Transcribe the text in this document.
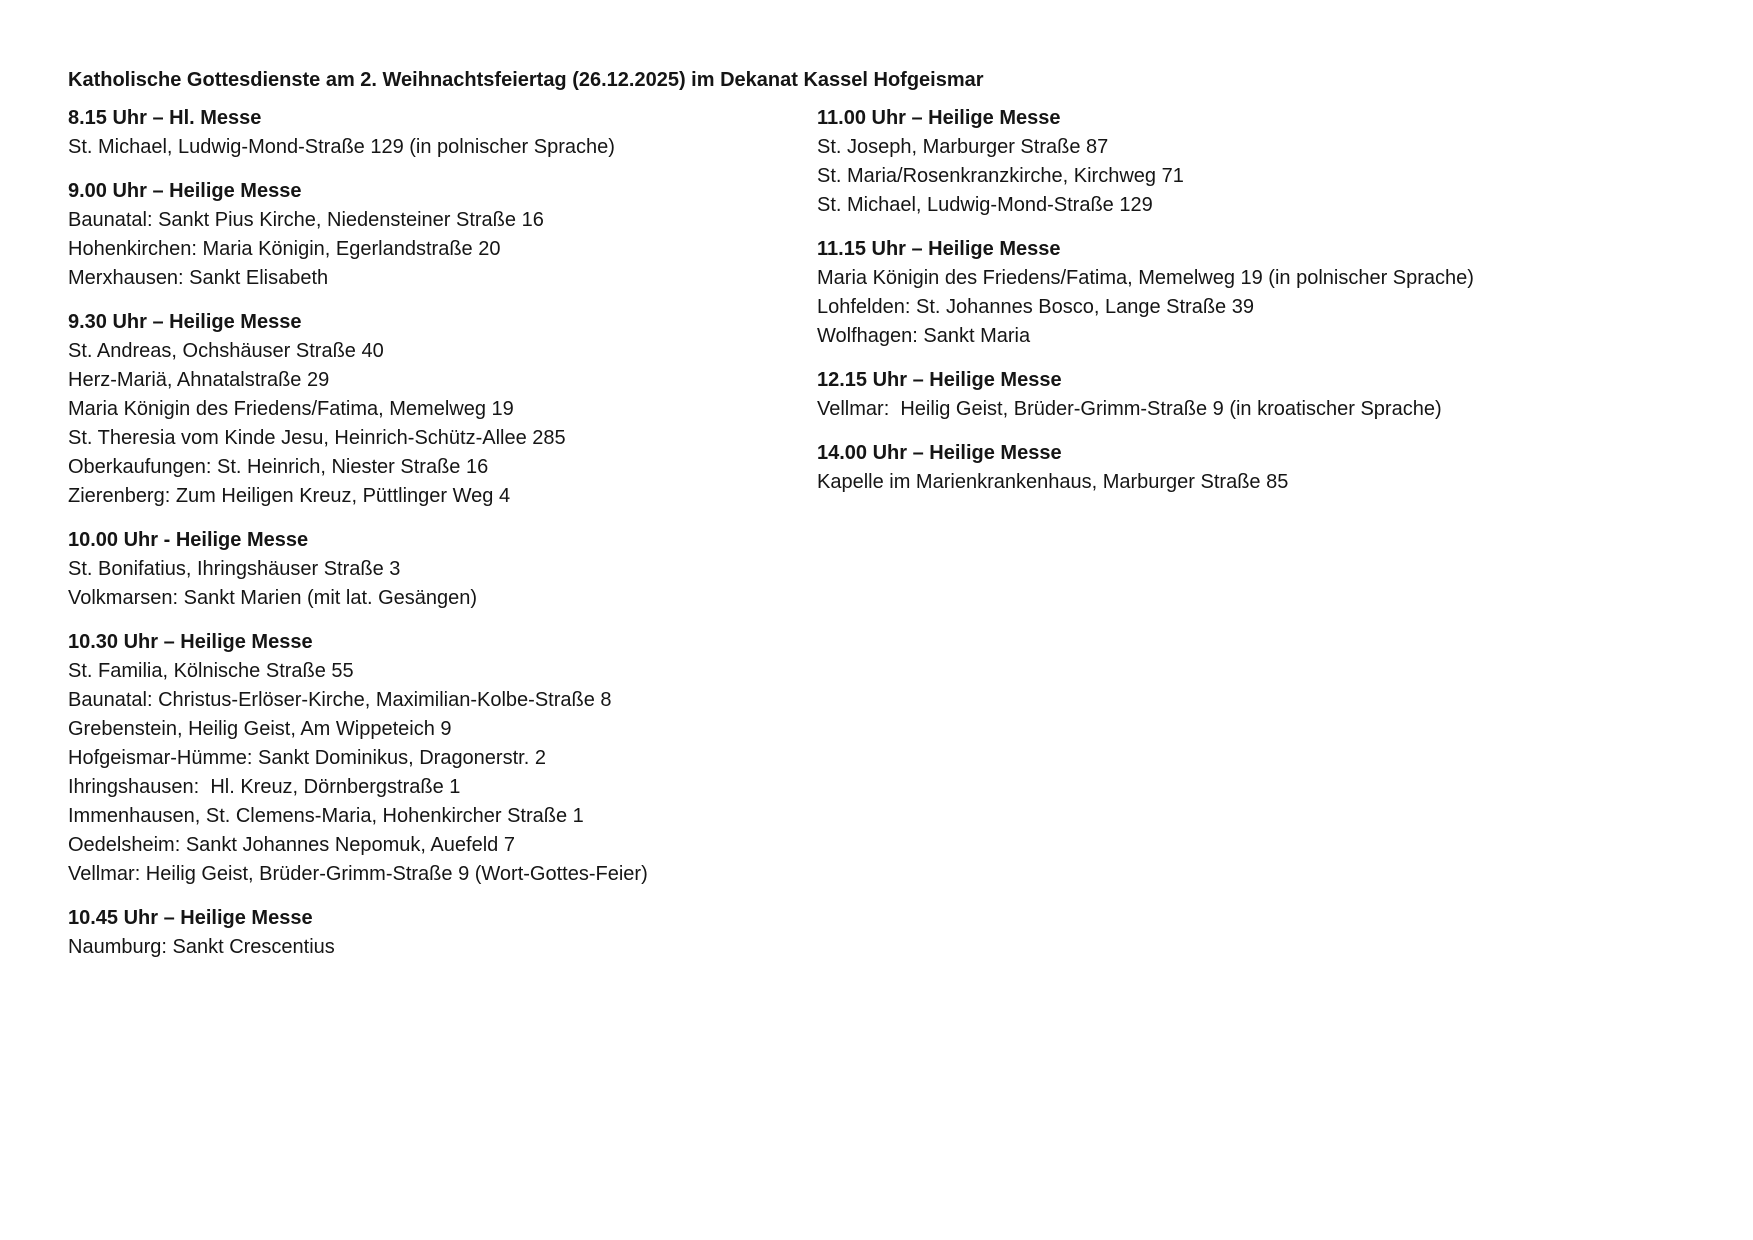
Katholische Gottesdienste am 2. Weihnachtsfeiertag (26.12.2025) im Dekanat Kassel Hofgeismar
8.15 Uhr – Hl. Messe

St. Michael, Ludwig-Mond-Straße 129 (in polnischer Sprache)

9.00 Uhr – Heilige Messe

Baunatal: Sankt Pius Kirche, Niedensteiner Straße 16

Hohenkirchen: Maria Königin, Egerlandstraße 20

Merxhausen: Sankt Elisabeth

9.30 Uhr – Heilige Messe

St. Andreas, Ochshäuser Straße 40

Herz-Mariä, Ahnatalstraße 29

Maria Königin des Friedens/Fatima, Memelweg 19

St. Theresia vom Kinde Jesu, Heinrich-Schütz-Allee 285

Oberkaufungen: St. Heinrich, Niester Straße 16

Zierenberg: Zum Heiligen Kreuz, Püttlinger Weg 4

10.00 Uhr - Heilige Messe

St. Bonifatius, Ihringshäuser Straße 3

Volkmarsen: Sankt Marien (mit lat. Gesängen)

10.30 Uhr – Heilige Messe

St. Familia, Kölnische Straße 55

Baunatal: Christus-Erlöser-Kirche, Maximilian-Kolbe-Straße 8

Grebenstein, Heilig Geist, Am Wippeteich 9

Hofgeismar-Hümme: Sankt Dominikus, Dragonerstr. 2

Ihringshausen:  Hl. Kreuz, Dörnbergstraße 1

Immenhausen, St. Clemens-Maria, Hohenkircher Straße 1

Oedelsheim: Sankt Johannes Nepomuk, Auefeld 7

Vellmar: Heilig Geist, Brüder-Grimm-Straße 9 (Wort-Gottes-Feier)

10.45 Uhr – Heilige Messe

Naumburg: Sankt Crescentius

11.00 Uhr – Heilige Messe

St. Joseph, Marburger Straße 87

St. Maria/Rosenkranzkirche, Kirchweg 71

St. Michael, Ludwig-Mond-Straße 129

11.15 Uhr – Heilige Messe

Maria Königin des Friedens/Fatima, Memelweg 19 (in polnischer Sprache)

Lohfelden: St. Johannes Bosco, Lange Straße 39

Wolfhagen: Sankt Maria

12.15 Uhr – Heilige Messe

Vellmar:  Heilig Geist, Brüder-Grimm-Straße 9 (in kroatischer Sprache)

14.00 Uhr – Heilige Messe

Kapelle im Marienkrankenhaus, Marburger Straße 85
